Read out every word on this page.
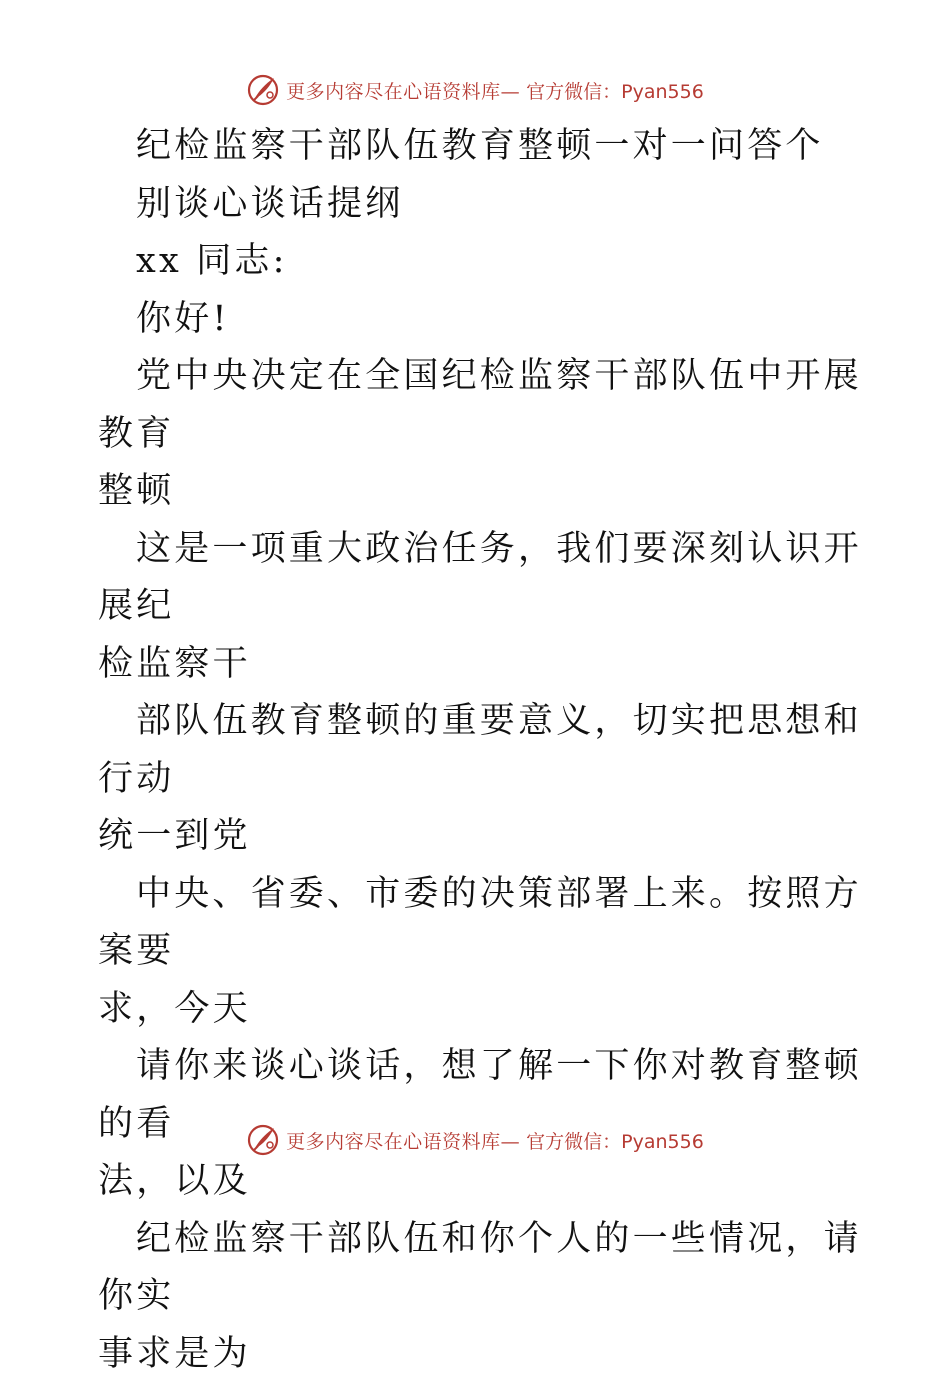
更多内容尽在心语资料库— 官方微信：Pyan556

纪检监察干部队伍教育整顿一对一问答个

别谈心谈话提纲

xx 同志:

你好!

党中央决定在全国纪检监察干部队伍中开展教育
整顿

这是一项重大政治任务，我们要深刻认识开展纪
检监察干

部队伍教育整顿的重要意义，切实把思想和行动
统一到党

中央、省委、市委的决策部署上来。按照方案要
求，今天

请你来谈心谈话，想了解一下你对教育整顿的看
法，以及

纪检监察干部队伍和你个人的一些情况，请你实
事求是为

更多内容尽在心语资料库— 官方微信：Pyan556
